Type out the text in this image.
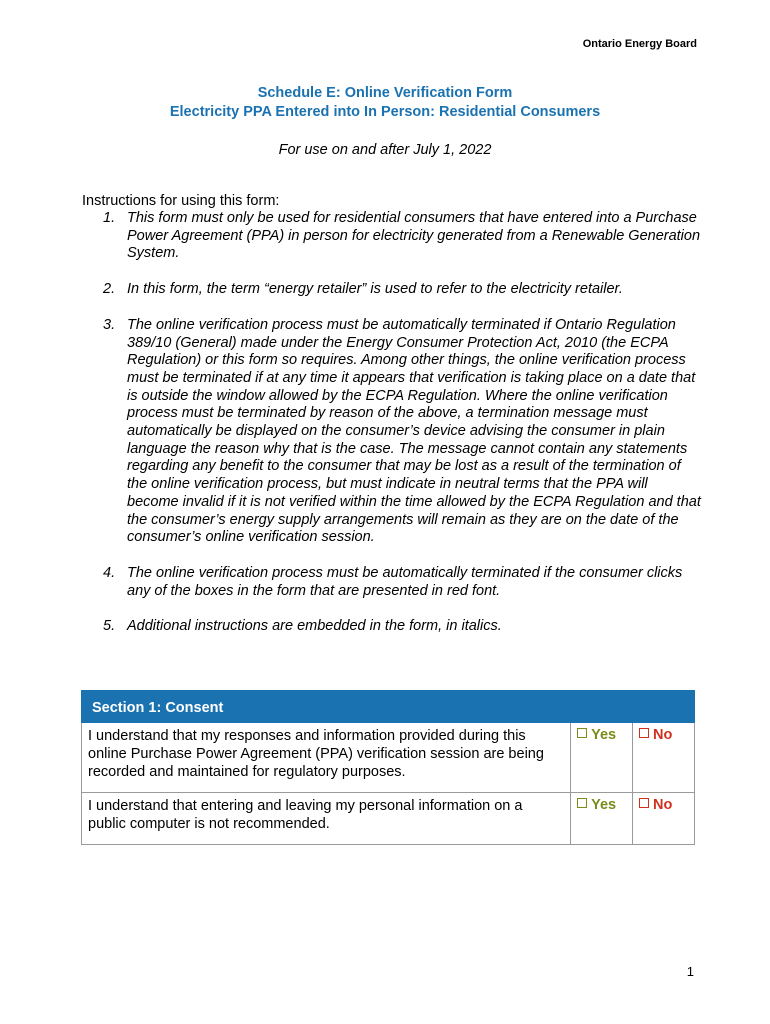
Ontario Energy Board
Schedule E: Online Verification Form
Electricity PPA Entered into In Person: Residential Consumers
For use on and after July 1, 2022
Instructions for using this form:
1. This form must only be used for residential consumers that have entered into a Purchase Power Agreement (PPA) in person for electricity generated from a Renewable Generation System.
2. In this form, the term “energy retailer” is used to refer to the electricity retailer.
3. The online verification process must be automatically terminated if Ontario Regulation 389/10 (General) made under the Energy Consumer Protection Act, 2010 (the ECPA Regulation) or this form so requires. Among other things, the online verification process must be terminated if at any time it appears that verification is taking place on a date that is outside the window allowed by the ECPA Regulation. Where the online verification process must be terminated by reason of the above, a termination message must automatically be displayed on the consumer’s device advising the consumer in plain language the reason why that is the case. The message cannot contain any statements regarding any benefit to the consumer that may be lost as a result of the termination of the online verification process, but must indicate in neutral terms that the PPA will become invalid if it is not verified within the time allowed by the ECPA Regulation and that the consumer’s energy supply arrangements will remain as they are on the date of the consumer’s online verification session.
4. The online verification process must be automatically terminated if the consumer clicks any of the boxes in the form that are presented in red font.
5. Additional instructions are embedded in the form, in italics.
Section 1: Consent		
I understand that my responses and information provided during this online Purchase Power Agreement (PPA) verification session are being recorded and maintained for regulatory purposes.	Yes	No
I understand that entering and leaving my personal information on a public computer is not recommended.	Yes	No
1
